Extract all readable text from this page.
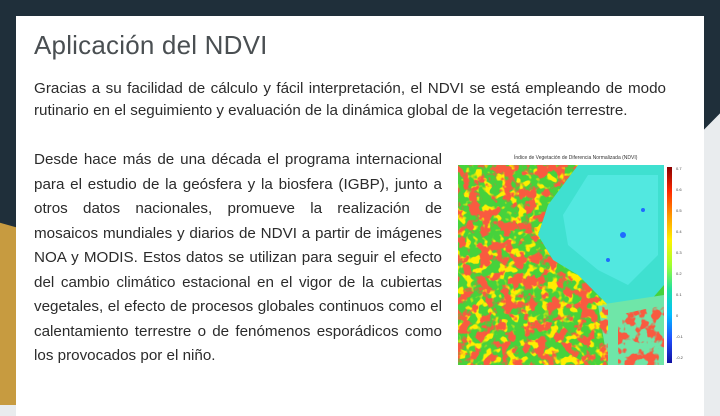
Aplicación del NDVI

Gracias a su facilidad de cálculo y fácil interpretación, el NDVI se está empleando de modo rutinario en el seguimiento y evaluación de la dinámica global de la vegetación terrestre.

Desde hace más de una década el programa internacional para el estudio de la geósfera y la biosfera (IGBP), junto a otros datos nacionales, promueve la realización de mosaicos mundiales y diarios de NDVI a partir de imágenes NOA y MODIS. Estos datos se utilizan para seguir el efecto del cambio climático estacional en el vigor de la cubiertas vegetales, el efecto de procesos globales continuos como el calentamiento terrestre o de fenómenos esporádicos como los provocados por el niño.

Índice de Vegetación de Diferencia Normalizada (NDVI)
0.7
0.6
0.5
0.4
0.3
0.2
0.1
0
-0.1
-0.2
